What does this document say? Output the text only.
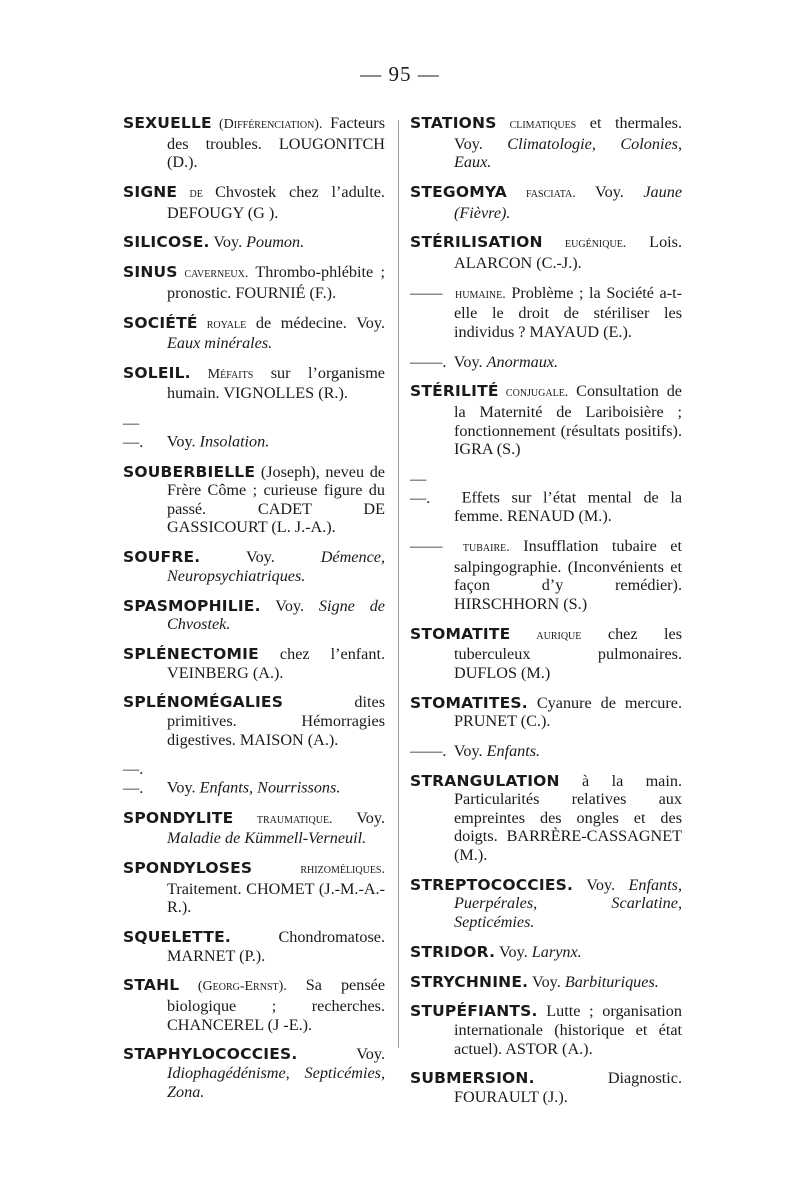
— 95 —

SEXUELLE (Différenciation). Facteurs des troubles. LOUGONITCH (D.).

SIGNE de Chvostek chez l’adulte. DEFOUGY (G ).

SILICOSE. Voy. Poumon.

SINUS caverneux. Thrombo-phlébite ; pronostic. FOURNIÉ (F.).

SOCIÉTÉ royale de médecine. Voy. Eaux minérales.

SOLEIL. Méfaits sur l’organisme humain. VIGNOLLES (R.).

— —. Voy. Insolation.

SOUBERBIELLE (Joseph), neveu de Frère Côme ; curieuse figure du passé. CADET DE GASSICOURT (L. J.-A.).

SOUFRE. Voy. Démence, Neuropsychiatriques.

SPASMOPHILIE. Voy. Signe de Chvostek.

SPLÉNECTOMIE chez l’enfant. VEINBERG (A.).

SPLÉNOMÉGALIES dites primitives. Hémorragies digestives. MAISON (A.).

—.—. Voy. Enfants, Nourrissons.

SPONDYLITE traumatique. Voy. Maladie de Kümmell-Verneuil.

SPONDYLOSES rhizoméliques. Traitement. CHOMET (J.-M.-A.-R.).

SQUELETTE. Chondromatose. MARNET (P.).

STAHL (Georg-Ernst). Sa pensée biologique ; recherches. CHANCEREL (J -E.).

STAPHYLOCOCCIES. Voy. Idiophagédénisme, Septicémies, Zona.

STATIONS climatiques et thermales. Voy. Climatologie, Colonies, Eaux.

STEGOMYA fasciata. Voy. Jaune (Fièvre).

STÉRILISATION eugénique. Lois. ALARCON (C.-J.).

—— humaine. Problème ; la Société a-t-elle le droit de stériliser les individus ? MAYAUD (E.).

——. Voy. Anormaux.

STÉRILITÉ conjugale. Consultation de la Maternité de Lariboisière ; fonctionnement (résultats positifs). IGRA (S.)

— —. Effets sur l’état mental de la femme. RENAUD (M.).

—— tubaire. Insufflation tubaire et salpingographie. (Inconvénients et façon d’y remédier). HIRSCHHORN (S.)

STOMATITE aurique chez les tuberculeux pulmonaires. DUFLOS (M.)

STOMATITES. Cyanure de mercure. PRUNET (C.).

——. Voy. Enfants.

STRANGULATION à la main. Particularités relatives aux empreintes des ongles et des doigts. BARRÈRE-CASSAGNET (M.).

STREPTOCOCCIES. Voy. Enfants, Puerpérales, Scarlatine, Septicémies.

STRIDOR. Voy. Larynx.

STRYCHNINE. Voy. Barbituriques.

STUPÉFIANTS. Lutte ; organisation internationale (historique et état actuel). ASTOR (A.).

SUBMERSION. Diagnostic. FOURAULT (J.).
